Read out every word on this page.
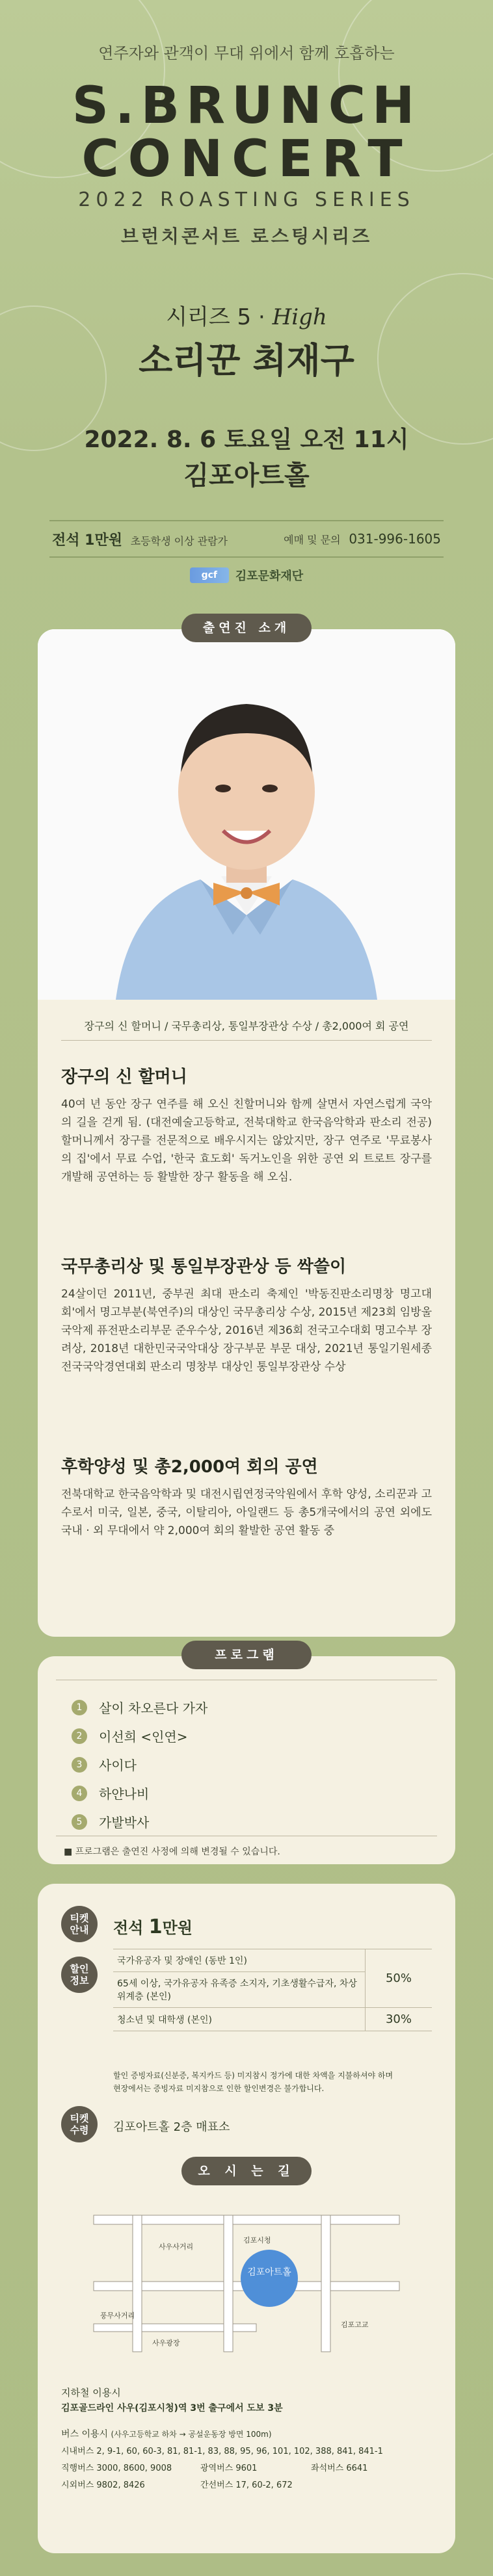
연주자와 관객이 무대 위에서 함께 호흡하는
S.BRUNCH
CONCERT
2022 ROASTING SERIES
브런치콘서트 로스팅시리즈
시리즈 5 · High
소리꾼 최재구
2022. 8. 6 토요일 오전 11시
김포아트홀
전석 1만원 초등학생 이상 관람가	예매 및 문의 031-996-1605
gcf	김포문화재단
장구의 신 할머니 / 국무총리상, 통일부장관상 수상 / 총2,000여 회 공연
장구의 신 할머니

40여 년 동안 장구 연주를 해 오신 친할머니와 함께 살면서 자연스럽게 국악의 길을 걷게 됨. (대전예술고등학교, 전북대학교 한국음악학과 판소리 전공) 할머니께서 장구를 전문적으로 배우시지는 않았지만, 장구 연주로 '무료봉사의 집'에서 무료 수업, '한국 효도회' 독거노인을 위한 공연 외 트로트 장구를 개발해 공연하는 등 활발한 장구 활동을 해 오심.

국무총리상 및 통일부장관상 등 싹쓸이

24살이던 2011년, 중부권 최대 판소리 축제인 '박동진판소리명창 명고대회'에서 명고부분(북연주)의 대상인 국무총리상 수상, 2015년 제23회 임방울국악제 퓨전판소리부문 준우수상, 2016년 제36회 전국고수대회 명고수부 장려상, 2018년 대한민국국악대상 장구부문 부문 대상, 2021년 통일기원세종전국국악경연대회 판소리 명창부 대상인 통일부장관상 수상

후학양성 및 총2,000여 회의 공연

전북대학교 한국음악학과 및 대전시립연정국악원에서 후학 양성, 소리꾼과 고수로서 미국, 일본, 중국, 이탈리아, 아일랜드 등 총5개국에서의 공연 외에도 국내 · 외 무대에서 약 2,000여 회의 활발한 공연 활동 중

출연진 소개
1	살이 차오른다 가자
2	이선희 <인연>
3	사이다
4	하얀나비
5	가발박사
■ 프로그램은 출연진 사정에 의해 변경될 수 있습니다.
프로그램
티켓
안내 전석 1만원
할인
정보
국가유공자 및 장애인 (동반 1인)	50%
65세 이상, 국가유공자 유족증 소지자, 기초생활수급자, 차상위계층 (본인)	
청소년 및 대학생 (본인)	30%
할인 증빙자료(신분증, 복지카드 등) 미지참시 정가에 대한 차액을 지불하셔야 하며
현장에서는 증빙자료 미지참으로 인한 할인변경은 불가합니다.
티켓
수령 김포아트홀 2층 매표소
오 시 는 길
김포아트홀
사우사거리
풍무사거리
사우광장
김포시청
김포고교
지하철 이용시
김포골드라인 사우(김포시청)역 3번 출구에서 도보 3분
버스 이용시 (사우고등학교 하차 → 공설운동장 방면 100m)
시내버스 2, 9-1, 60, 60-3, 81, 81-1, 83, 88, 95, 96, 101, 102, 388, 841, 841-1
직행버스 3000, 8600, 9008	광역버스 9601	좌석버스 6641
시외버스 9802, 8426	간선버스 17, 60-2, 672
